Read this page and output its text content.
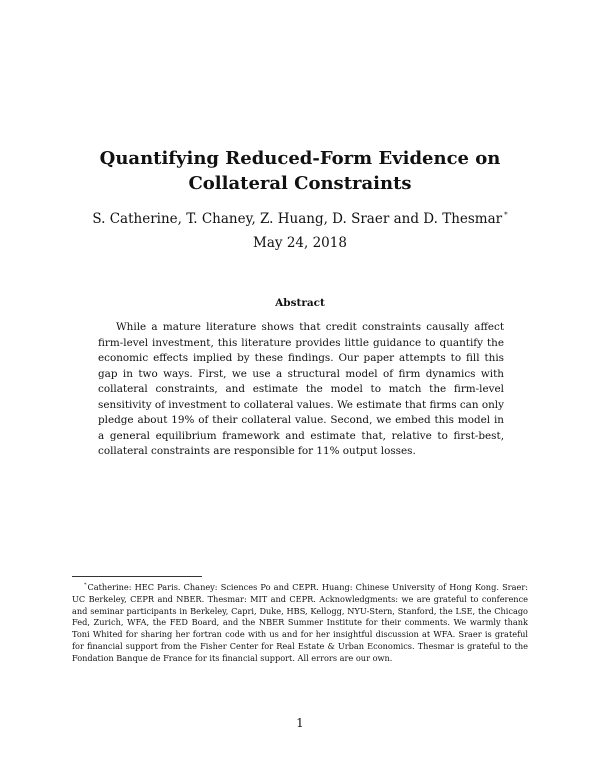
Quantifying Reduced-Form Evidence on Collateral Constraints
S. Catherine, T. Chaney, Z. Huang, D. Sraer and D. Thesmar *
May 24, 2018
Abstract
While a mature literature shows that credit constraints causally affect firm-level investment, this literature provides little guidance to quantify the economic effects implied by these findings. Our paper attempts to fill this gap in two ways. First, we use a structural model of firm dynamics with collateral constraints, and estimate the model to match the firm-level sensitivity of investment to collateral values. We estimate that firms can only pledge about 19% of their collateral value. Second, we embed this model in a general equilibrium framework and estimate that, relative to first-best, collateral constraints are responsible for 11% output losses.
*Catherine: HEC Paris. Chaney: Sciences Po and CEPR. Huang: Chinese University of Hong Kong. Sraer: UC Berkeley, CEPR and NBER. Thesmar: MIT and CEPR. Acknowledgments: we are grateful to conference and seminar participants in Berkeley, Capri, Duke, HBS, Kellogg, NYU-Stern, Stanford, the LSE, the Chicago Fed, Zurich, WFA, the FED Board, and the NBER Summer Institute for their comments. We warmly thank Toni Whited for sharing her fortran code with us and for her insightful discussion at WFA. Sraer is grateful for financial support from the Fisher Center for Real Estate & Urban Economics. Thesmar is grateful to the Fondation Banque de France for its financial support. All errors are our own.
1
